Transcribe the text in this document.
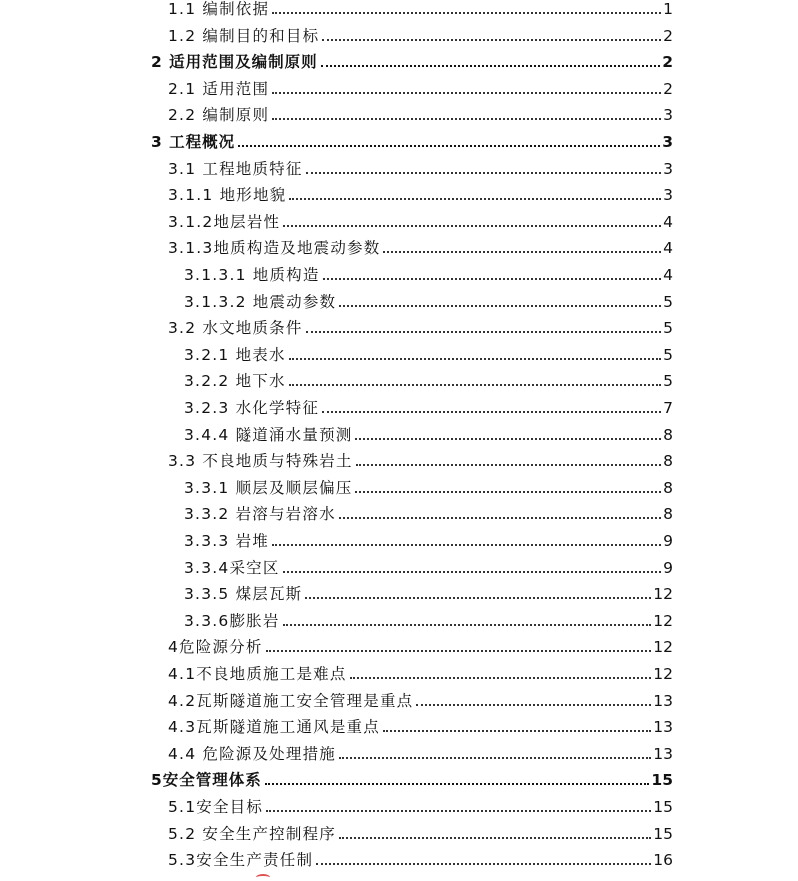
1.1 编制依据	1
1.2 编制目的和目标	2
2 适用范围及编制原则	2
2.1 适用范围	2
2.2 编制原则	3
3 工程概况	3
3.1 工程地质特征	3
3.1.1 地形地貌	3
3.1.2地层岩性	4
3.1.3地质构造及地震动参数	4
3.1.3.1 地质构造	4
3.1.3.2 地震动参数	5
3.2 水文地质条件	5
3.2.1 地表水	5
3.2.2 地下水	5
3.2.3 水化学特征	7
3.4.4 隧道涌水量预测	8
3.3 不良地质与特殊岩土	8
3.3.1 顺层及顺层偏压	8
3.3.2 岩溶与岩溶水	8
3.3.3 岩堆	9
3.3.4采空区	9
3.3.5 煤层瓦斯	12
3.3.6膨胀岩	12
4危险源分析	12
4.1不良地质施工是难点	12
4.2瓦斯隧道施工安全管理是重点	13
4.3瓦斯隧道施工通风是重点	13
4.4 危险源及处理措施	13
5安全管理体系	15
5.1安全目标	15
5.2 安全生产控制程序	15
5.3安全生产责任制	16
